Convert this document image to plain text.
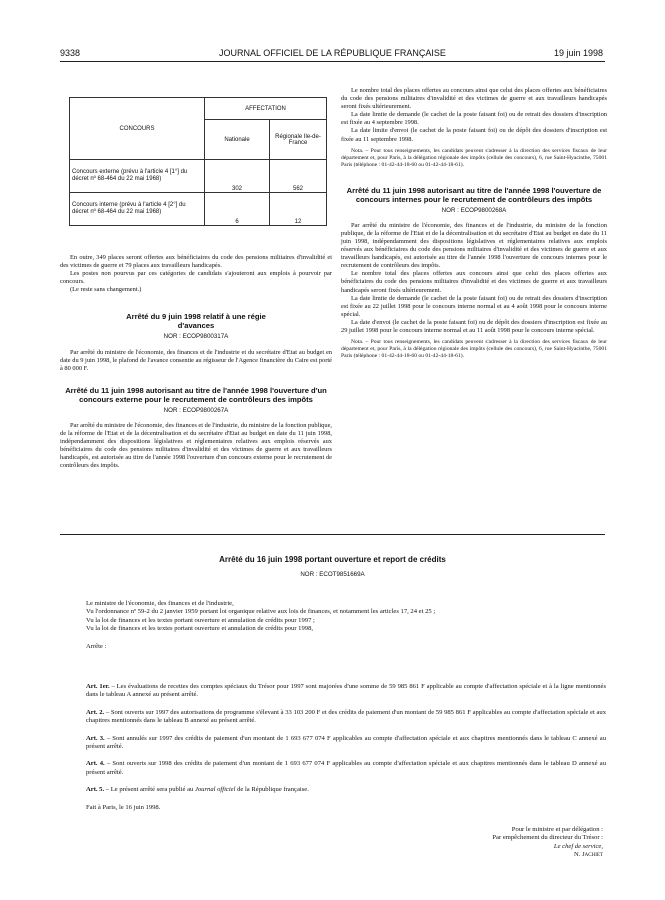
9338	JOURNAL OFFICIEL DE LA RÉPUBLIQUE FRANÇAISE	19 juin 1998
CONCOURS	AFFECTATION	
	Nationale	Régionale Ile-de-France
Concours externe (prévu à l'article 4 [1°] du décret nº 68-464 du 22 mai 1968)	302	562
Concours interne (prévu à l'article 4 [2°] du décret nº 68-464 du 22 mai 1968)	6	12

En outre, 349 places seront offertes aux bénéficiaires du code des pensions militaires d'invalidité et des victimes de guerre et 79 places aux travailleurs handicapés.

Les postes non pourvus par ces catégories de candidats s'ajouteront aux emplois à pourvoir par concours.

(Le reste sans changement.)

Arrêté du 9 juin 1998 relatif à une régie d'avances
NOR : ECOP9800317A

Par arrêté du ministre de l'économie, des finances et de l'industrie et du secrétaire d'Etat au budget en date du 9 juin 1998, le plafond de l'avance consentie au régisseur de l'Agence financière du Caire est porté à 80 000 F.

Arrêté du 11 juin 1998 autorisant au titre de l'année 1998 l'ouverture d'un concours externe pour le recrutement de contrôleurs des impôts
NOR : ECOP9800267A

Par arrêté du ministre de l'économie, des finances et de l'industrie, du ministre de la fonction publique, de la réforme de l'Etat et de la décentralisation et du secrétaire d'Etat au budget en date du 11 juin 1998, indépendamment des dispositions législatives et réglementaires relatives aux emplois réservés aux bénéficiaires du code des pensions militaires d'invalidité et des victimes de guerre et aux travailleurs handicapés, est autorisée au titre de l'année 1998 l'ouverture d'un concours externe pour le recrutement de contrôleurs des impôts.

Le nombre total des places offertes au concours ainsi que celui des places offertes aux bénéficiaires du code des pensions militaires d'invalidité et des victimes de guerre et aux travailleurs handicapés seront fixés ultérieurement.

La date limite de demande (le cachet de la poste faisant foi) ou de retrait des dossiers d'inscription est fixée au 4 septembre 1998.

La date limite d'envoi (le cachet de la poste faisant foi) ou de dépôt des dossiers d'inscription est fixée au 11 septembre 1998.

Nota. – Pour tous renseignements, les candidats peuvent s'adresser à la direction des services fiscaux de leur département et, pour Paris, à la délégation régionale des impôts (cellule des concours), 6, rue Saint-Hyacinthe, 75001 Paris (téléphone : 01-42-44-18-60 ou 01-42-44-18-61).

Arrêté du 11 juin 1998 autorisant au titre de l'année 1998 l'ouverture de concours internes pour le recrutement de contrôleurs des impôts
NOR : ECOP9800268A

Par arrêté du ministre de l'économie, des finances et de l'industrie, du ministre de la fonction publique, de la réforme de l'Etat et de la décentralisation et du secrétaire d'Etat au budget en date du 11 juin 1998, indépendamment des dispositions législatives et réglementaires relatives aux emplois réservés aux bénéficiaires du code des pensions militaires d'invalidité et des victimes de guerre et aux travailleurs handicapés, est autorisée au titre de l'année 1998 l'ouverture de concours internes pour le recrutement de contrôleurs des impôts.

Le nombre total des places offertes aux concours ainsi que celui des places offertes aux bénéficiaires du code des pensions militaires d'invalidité et des victimes de guerre et aux travailleurs handicapés seront fixés ultérieurement.

La date limite de demande (le cachet de la poste faisant foi) ou de retrait des dossiers d'inscription est fixée au 22 juillet 1998 pour le concours interne normal et au 4 août 1998 pour le concours interne spécial.

La date d'envoi (le cachet de la poste faisant foi) ou de dépôt des dossiers d'inscription est fixée au 29 juillet 1998 pour le concours interne normal et au 11 août 1998 pour le concours interne spécial.

Nota. – Pour tous renseignements, les candidats peuvent s'adresser à la direction des services fiscaux de leur département et, pour Paris, à la délégation régionale des impôts (cellule des concours), 6, rue Saint-Hyacinthe, 75001 Paris (téléphone : 01-42-44-18-60 ou 01-42-44-18-61).

Arrêté du 16 juin 1998 portant ouverture et report de crédits
NOR : ECOT9851669A

Le ministre de l'économie, des finances et de l'industrie,

Vu l'ordonnance nº 59-2 du 2 janvier 1959 portant loi organique relative aux lois de finances, et notamment les articles 17, 24 et 25 ;

Vu la loi de finances et les textes portant ouverture et annulation de crédits pour 1997 ;

Vu la loi de finances et les textes portant ouverture et annulation de crédits pour 1998,

Arrête :

Art. 1er. – Les évaluations de recettes des comptes spéciaux du Trésor pour 1997 sont majorées d'une somme de 59 985 861 F applicable au compte d'affectation spéciale et à la ligne mentionnés dans le tableau A annexé au présent arrêté.

Art. 2. – Sont ouverts sur 1997 des autorisations de programme s'élevant à 33 103 200 F et des crédits de paiement d'un montant de 59 985 861 F applicables au compte d'affectation spéciale et aux chapitres mentionnés dans le tableau B annexé au présent arrêté.

Art. 3. – Sont annulés sur 1997 des crédits de paiement d'un montant de 1 693 677 074 F applicables au compte d'affectation spéciale et aux chapitres mentionnés dans le tableau C annexé au présent arrêté.

Art. 4. – Sont ouverts sur 1998 des crédits de paiement d'un montant de 1 693 677 074 F applicables au compte d'affectation spéciale et aux chapitres mentionnés dans le tableau D annexé au présent arrêté.

Art. 5. – Le présent arrêté sera publié au Journal officiel de la République française.

Fait à Paris, le 16 juin 1998.

Pour le ministre et par délégation :
Par empêchement du directeur du Trésor :
Le chef de service,
N. Jachiet
